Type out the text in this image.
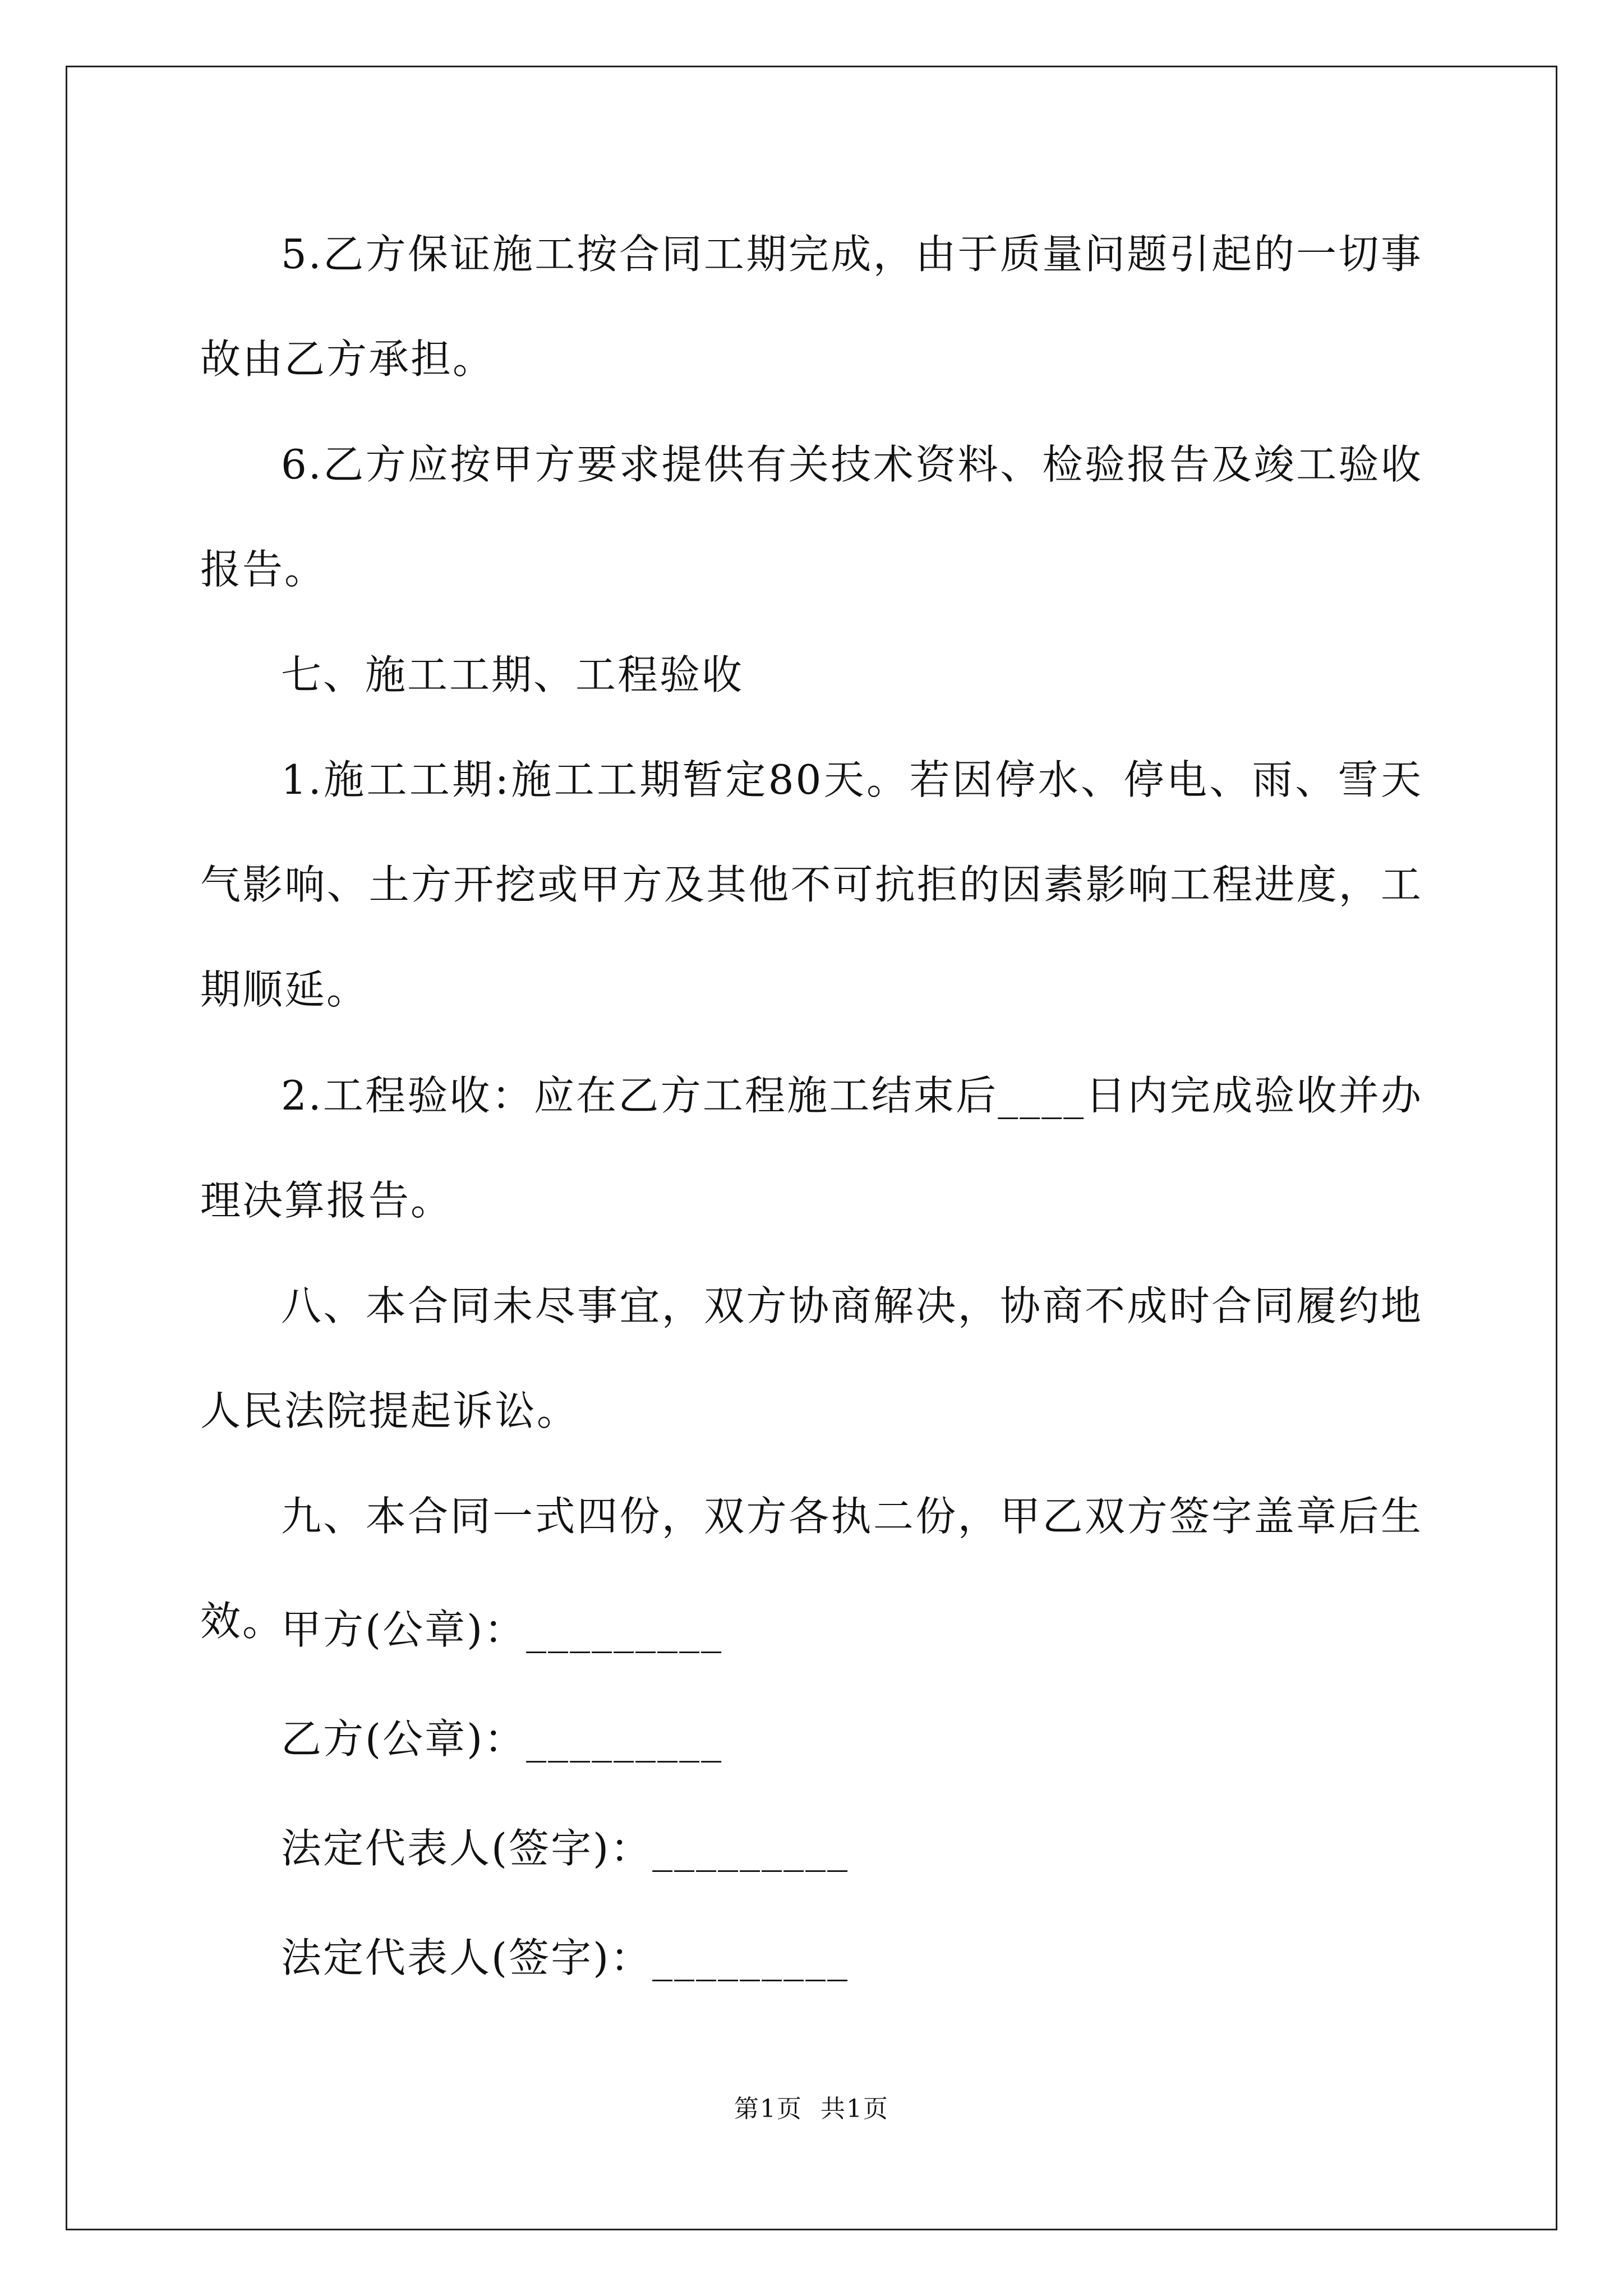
5.乙方保证施工按合同工期完成，由于质量问题引起的一切事故由乙方承担。

6.乙方应按甲方要求提供有关技术资料、检验报告及竣工验收报告。

七、施工工期、工程验收

1.施工工期:施工工期暂定80天。若因停水、停电、雨、雪天气影响、土方开挖或甲方及其他不可抗拒的因素影响工程进度，工期顺延。

2.工程验收：应在乙方工程施工结束后____日内完成验收并办理决算报告。

八、本合同未尽事宜，双方协商解决，协商不成时合同履约地人民法院提起诉讼。

九、本合同一式四份，双方各执二份，甲乙双方签字盖章后生效。

甲方(公章)：_________

乙方(公章)：_________

法定代表人(签字)：_________

法定代表人(签字)：_________

第1页  共1页
